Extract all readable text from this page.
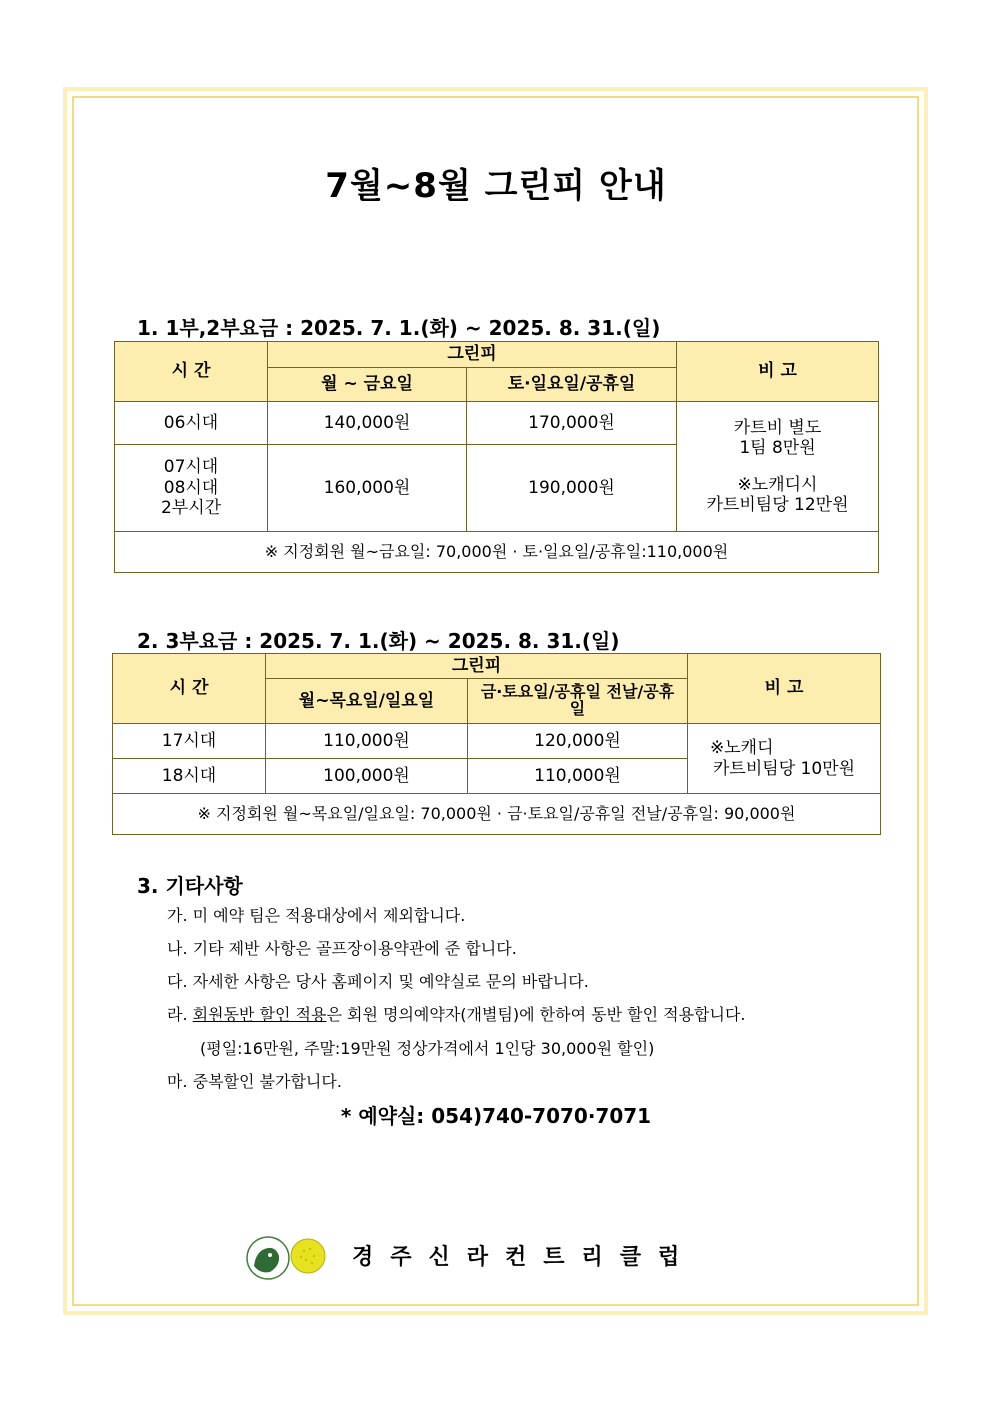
7월~8월 그린피 안내
1. 1부,2부요금 : 2025. 7. 1.(화) ~ 2025. 8. 31.(일)
시 간	그린피		비 고
	월 ~ 금요일	토·일요일/공휴일	
06시대	140,000원	170,000원	카트비 별도
1팀 8만원
※노캐디시
카트비팀당 12만원

07시대
08시대
2부시간	160,000원	190,000원	
※ 지정회원 월~금요일: 70,000원 · 토·일요일/공휴일:110,000원			
2. 3부요금 : 2025. 7. 1.(화) ~ 2025. 8. 31.(일)
시 간	그린피		비 고
	월~목요일/일요일	금·토요일/공휴일 전날/공휴일	
17시대	110,000원	120,000원	※노캐디
카트비팀당 10만원

18시대	100,000원	110,000원	
※ 지정회원 월~목요일/일요일: 70,000원 · 금·토요일/공휴일 전날/공휴일: 90,000원			
3. 기타사항
가. 미 예약 팀은 적용대상에서 제외합니다.
나. 기타 제반 사항은 골프장이용약관에 준 합니다.
다. 자세한 사항은 당사 홈페이지 및 예약실로 문의 바랍니다.
라. 회원동반 할인 적용은 회원 명의예약자(개별팀)에 한하여 동반 할인 적용합니다.
(평일:16만원, 주말:19만원 정상가격에서 1인당 30,000원 할인)
마. 중복할인 불가합니다.
* 예약실: 054)740-7070·7071
경주신라컨트리클럽
